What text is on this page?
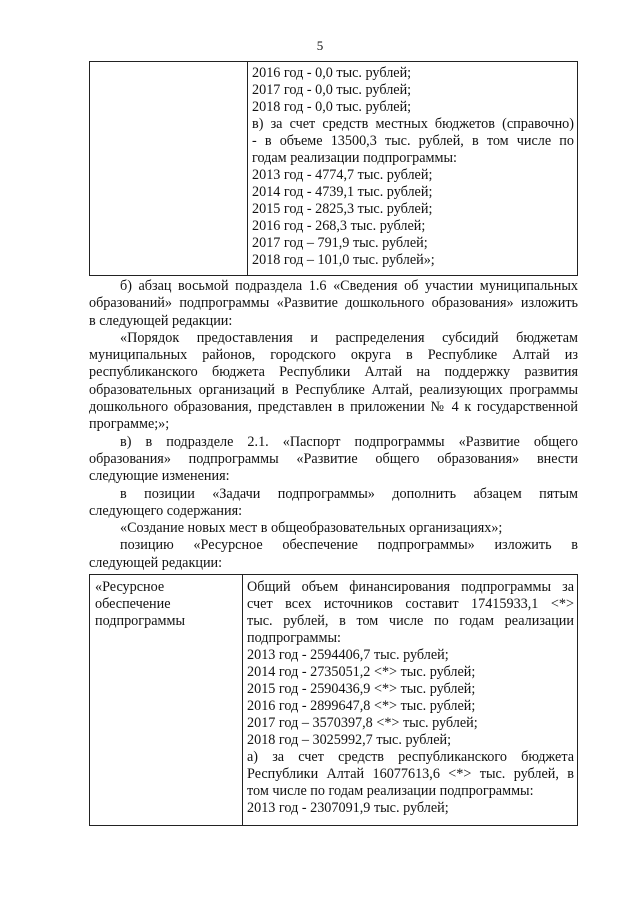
5
2016 год - 0,0 тыс. рублей;
2017 год - 0,0 тыс. рублей;
2018 год - 0,0 тыс. рублей;
в) за счет средств местных бюджетов (справочно)
- в объеме 13500,3 тыс. рублей, в том числе по
годам реализации подпрограммы:
2013 год - 4774,7 тыс. рублей;
2014 год - 4739,1 тыс. рублей;
2015 год - 2825,3 тыс. рублей;
2016 год - 268,3 тыс. рублей;
2017 год – 791,9 тыс. рублей;
2018 год – 101,0 тыс. рублей»;
б) абзац восьмой подраздела 1.6 «Сведения об участии муниципальных
образований» подпрограммы «Развитие дошкольного образования» изложить
в следующей редакции:
«Порядок предоставления и распределения субсидий бюджетам
муниципальных районов, городского округа в Республике Алтай из
республиканского бюджета Республики Алтай на поддержку развития
образовательных организаций в Республике Алтай, реализующих программы
дошкольного образования, представлен в приложении № 4 к государственной
программе;»;
в) в подразделе 2.1. «Паспорт подпрограммы «Развитие общего
образования» подпрограммы «Развитие общего образования» внести
следующие изменения:
в позиции «Задачи подпрограммы» дополнить абзацем пятым
следующего содержания:
«Создание новых мест в общеобразовательных организациях»;
позицию «Ресурсное обеспечение подпрограммы» изложить в
следующей редакции:
«Ресурсное
обеспечение
подпрограммы
Общий объем финансирования подпрограммы за
счет всех источников составит 17415933,1 <*>
тыс. рублей, в том числе по годам реализации
подпрограммы:
2013 год - 2594406,7 тыс. рублей;
2014 год - 2735051,2 <*> тыс. рублей;
2015 год - 2590436,9 <*> тыс. рублей;
2016 год - 2899647,8 <*> тыс. рублей;
2017 год – 3570397,8 <*> тыс. рублей;
2018 год – 3025992,7 тыс. рублей;
а) за счет средств республиканского бюджета
Республики Алтай 16077613,6 <*> тыс. рублей, в
том числе по годам реализации подпрограммы:
2013 год - 2307091,9 тыс. рублей;
